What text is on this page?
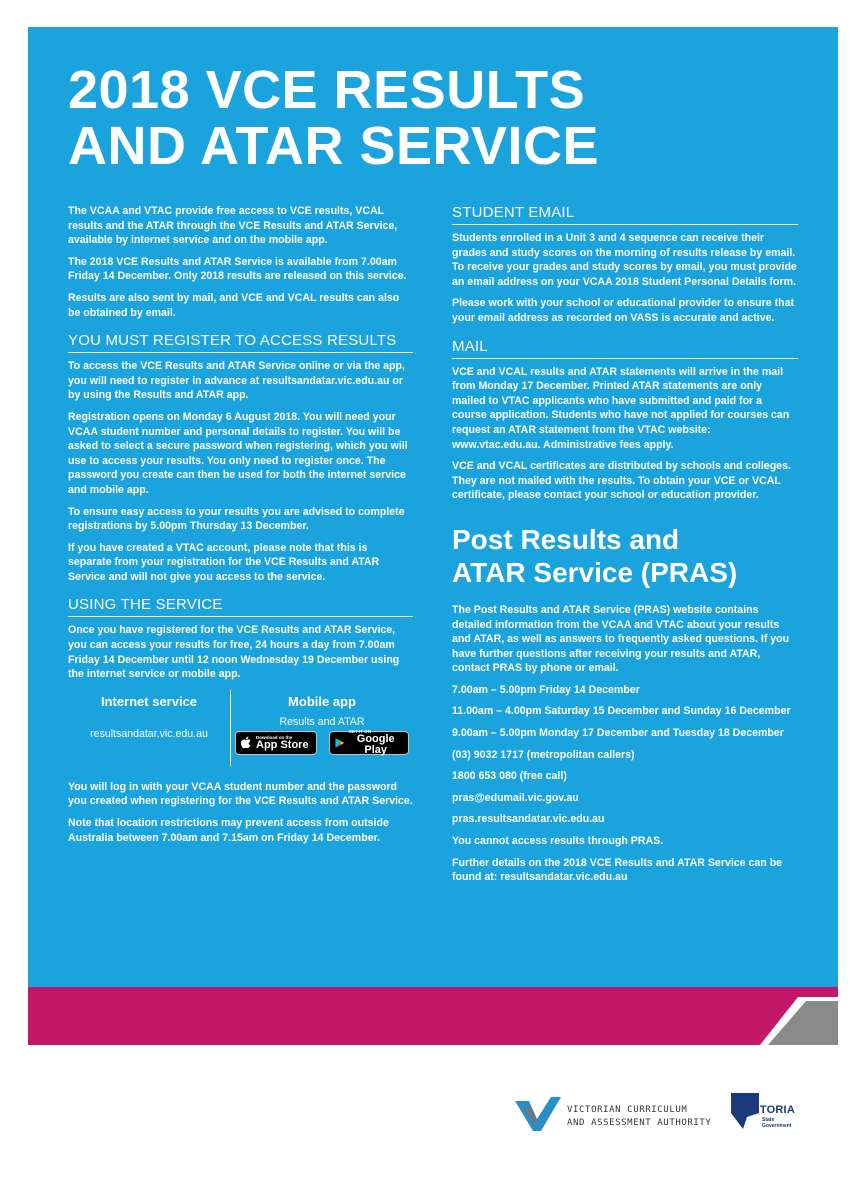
2018 VCE RESULTS
AND ATAR SERVICE

The VCAA and VTAC provide free access to VCE results, VCAL results and the ATAR through the VCE Results and ATAR Service, available by internet service and on the mobile app.

The 2018 VCE Results and ATAR Service is available from 7.00am Friday 14 December. Only 2018 results are released on this service.

Results are also sent by mail, and VCE and VCAL results can also be obtained by email.

YOU MUST REGISTER TO ACCESS RESULTS

To access the VCE Results and ATAR Service online or via the app, you will need to register in advance at resultsandatar.vic.edu.au or by using the Results and ATAR app.

Registration opens on Monday 6 August 2018. You will need your VCAA student number and personal details to register. You will be asked to select a secure password when registering, which you will use to access your results. You only need to register once. The password you create can then be used for both the internet service and mobile app.

To ensure easy access to your results you are advised to complete registrations by 5.00pm Thursday 13 December.

If you have created a VTAC account, please note that this is separate from your registration for the VCE Results and ATAR Service and will not give you access to the service.

USING THE SERVICE

Once you have registered for the VCE Results and ATAR Service, you can access your results for free, 24 hours a day from 7.00am Friday 14 December until 12 noon Wednesday 19 December using the internet service or mobile app.

Internet service
resultsandatar.vic.edu.au
Mobile app
Results and ATAR
Download on the
App Store
GET IT ON
Google Play

You will log in with your VCAA student number and the password you created when registering for the VCE Results and ATAR Service.

Note that location restrictions may prevent access from outside Australia between 7.00am and 7.15am on Friday 14 December.

STUDENT EMAIL

Students enrolled in a Unit 3 and 4 sequence can receive their grades and study scores on the morning of results release by email. To receive your grades and study scores by email, you must provide an email address on your VCAA 2018 Student Personal Details form.

Please work with your school or educational provider to ensure that your email address as recorded on VASS is accurate and active.

MAIL

VCE and VCAL results and ATAR statements will arrive in the mail from Monday 17 December. Printed ATAR statements are only mailed to VTAC applicants who have submitted and paid for a course application. Students who have not applied for courses can request an ATAR statement from the VTAC website: www.vtac.edu.au. Administrative fees apply.

VCE and VCAL certificates are distributed by schools and colleges. They are not mailed with the results. To obtain your VCE or VCAL certificate, please contact your school or education provider.

Post Results and
ATAR Service (PRAS)

The Post Results and ATAR Service (PRAS) website contains detailed information from the VCAA and VTAC about your results and ATAR, as well as answers to frequently asked questions. If you have further questions after receiving your results and ATAR, contact PRAS by phone or email.

7.00am – 5.00pm Friday 14 December

11.00am – 4.00pm Saturday 15 December and Sunday 16 December

9.00am – 5.00pm Monday 17 December and Tuesday 18 December

(03) 9032 1717 (metropolitan callers)

1800 653 080 (free call)

pras@edumail.vic.gov.au

pras.resultsandatar.vic.edu.au

You cannot access results through PRAS.

Further details on the 2018 VCE Results and ATAR Service can be found at: resultsandatar.vic.edu.au

VICTORIAN CURRICULUM
AND ASSESSMENT AUTHORITY
VICTORIA
State
Government
